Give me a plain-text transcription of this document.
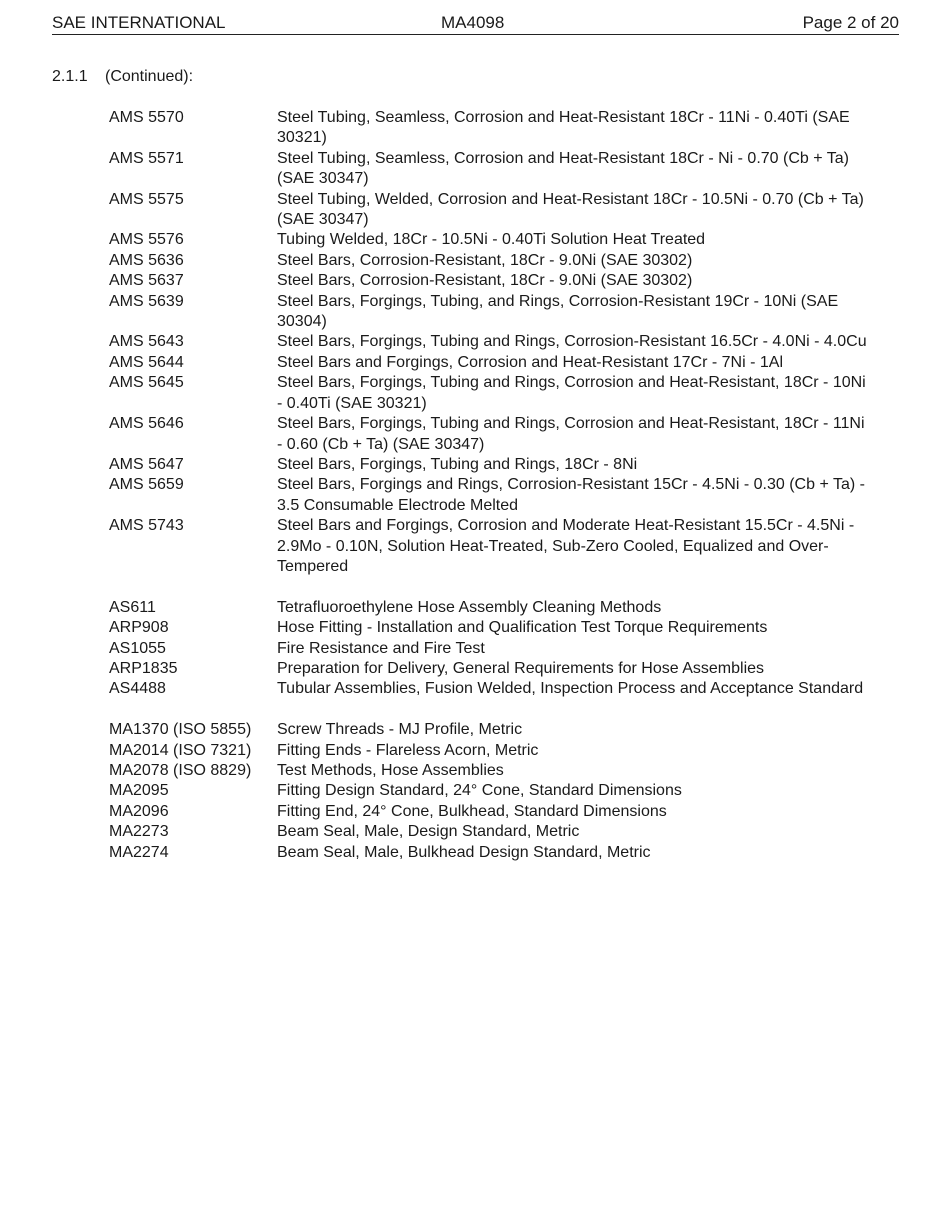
SAE INTERNATIONAL	MA4098	Page 2 of 20
2.1.1 (Continued):
AMS 5570	Steel Tubing, Seamless, Corrosion and Heat-Resistant 18Cr - 11Ni - 0.40Ti (SAE 30321)
AMS 5571	Steel Tubing, Seamless, Corrosion and Heat-Resistant 18Cr - Ni - 0.70 (Cb + Ta) (SAE 30347)
AMS 5575	Steel Tubing, Welded, Corrosion and Heat-Resistant 18Cr - 10.5Ni - 0.70 (Cb + Ta) (SAE 30347)
AMS 5576	Tubing Welded, 18Cr - 10.5Ni - 0.40Ti Solution Heat Treated
AMS 5636	Steel Bars, Corrosion-Resistant, 18Cr - 9.0Ni (SAE 30302)
AMS 5637	Steel Bars, Corrosion-Resistant, 18Cr - 9.0Ni (SAE 30302)
AMS 5639	Steel Bars, Forgings, Tubing, and Rings, Corrosion-Resistant 19Cr - 10Ni (SAE 30304)
AMS 5643	Steel Bars, Forgings, Tubing and Rings, Corrosion-Resistant 16.5Cr - 4.0Ni - 4.0Cu
AMS 5644	Steel Bars and Forgings, Corrosion and Heat-Resistant 17Cr - 7Ni - 1Al
AMS 5645	Steel Bars, Forgings, Tubing and Rings, Corrosion and Heat-Resistant, 18Cr - 10Ni - 0.40Ti (SAE 30321)
AMS 5646	Steel Bars, Forgings, Tubing and Rings, Corrosion and Heat-Resistant, 18Cr - 11Ni - 0.60 (Cb + Ta) (SAE 30347)
AMS 5647	Steel Bars, Forgings, Tubing and Rings, 18Cr - 8Ni
AMS 5659	Steel Bars, Forgings and Rings, Corrosion-Resistant 15Cr - 4.5Ni - 0.30 (Cb + Ta) - 3.5 Consumable Electrode Melted
AMS 5743	Steel Bars and Forgings, Corrosion and Moderate Heat-Resistant 15.5Cr - 4.5Ni - 2.9Mo - 0.10N, Solution Heat-Treated, Sub-Zero Cooled, Equalized and Over-Tempered
AS611	Tetrafluoroethylene Hose Assembly Cleaning Methods
ARP908	Hose Fitting - Installation and Qualification Test Torque Requirements
AS1055	Fire Resistance and Fire Test
ARP1835	Preparation for Delivery, General Requirements for Hose Assemblies
AS4488	Tubular Assemblies, Fusion Welded, Inspection Process and Acceptance Standard
MA1370 (ISO 5855)	Screw Threads - MJ Profile, Metric
MA2014 (ISO 7321)	Fitting Ends - Flareless Acorn, Metric
MA2078 (ISO 8829)	Test Methods, Hose Assemblies
MA2095	Fitting Design Standard, 24° Cone, Standard Dimensions
MA2096	Fitting End, 24° Cone, Bulkhead, Standard Dimensions
MA2273	Beam Seal, Male, Design Standard, Metric
MA2274	Beam Seal, Male, Bulkhead Design Standard, Metric
